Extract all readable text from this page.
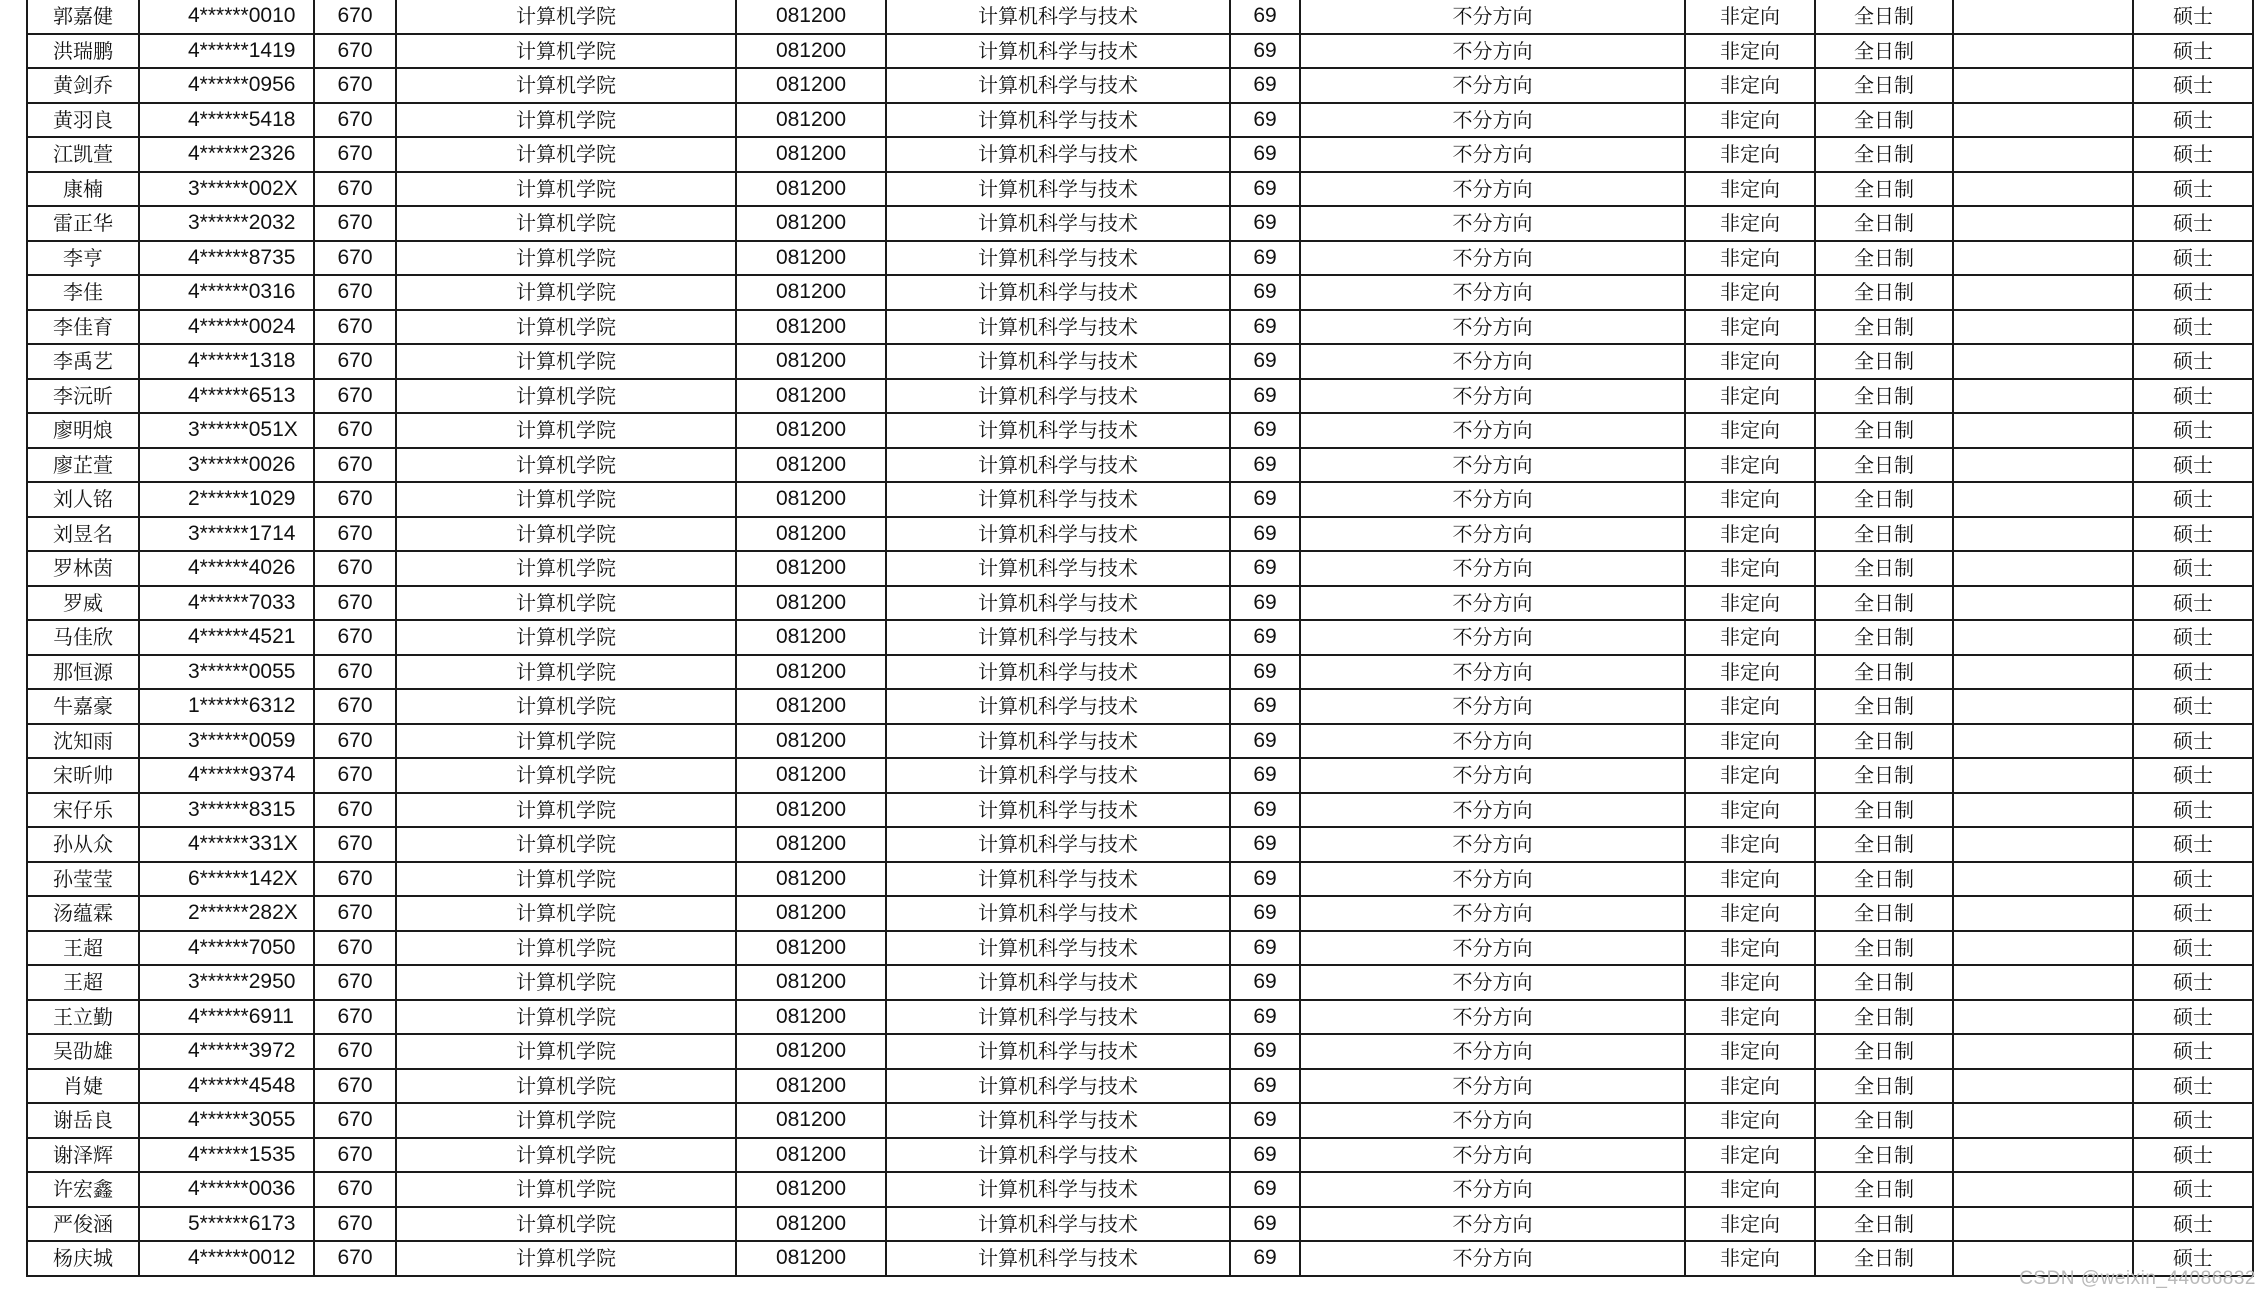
郭嘉健	4******0010	670	计算机学院	081200	计算机科学与技术	69	不分方向	非定向	全日制		硕士
洪瑞鹏	4******1419	670	计算机学院	081200	计算机科学与技术	69	不分方向	非定向	全日制		硕士
黄剑乔	4******0956	670	计算机学院	081200	计算机科学与技术	69	不分方向	非定向	全日制		硕士
黄羽良	4******5418	670	计算机学院	081200	计算机科学与技术	69	不分方向	非定向	全日制		硕士
江凯萱	4******2326	670	计算机学院	081200	计算机科学与技术	69	不分方向	非定向	全日制		硕士
康楠	3******002X	670	计算机学院	081200	计算机科学与技术	69	不分方向	非定向	全日制		硕士
雷正华	3******2032	670	计算机学院	081200	计算机科学与技术	69	不分方向	非定向	全日制		硕士
李亨	4******8735	670	计算机学院	081200	计算机科学与技术	69	不分方向	非定向	全日制		硕士
李佳	4******0316	670	计算机学院	081200	计算机科学与技术	69	不分方向	非定向	全日制		硕士
李佳育	4******0024	670	计算机学院	081200	计算机科学与技术	69	不分方向	非定向	全日制		硕士
李禹艺	4******1318	670	计算机学院	081200	计算机科学与技术	69	不分方向	非定向	全日制		硕士
李沅昕	4******6513	670	计算机学院	081200	计算机科学与技术	69	不分方向	非定向	全日制		硕士
廖明烺	3******051X	670	计算机学院	081200	计算机科学与技术	69	不分方向	非定向	全日制		硕士
廖芷萱	3******0026	670	计算机学院	081200	计算机科学与技术	69	不分方向	非定向	全日制		硕士
刘人铭	2******1029	670	计算机学院	081200	计算机科学与技术	69	不分方向	非定向	全日制		硕士
刘昱名	3******1714	670	计算机学院	081200	计算机科学与技术	69	不分方向	非定向	全日制		硕士
罗林茵	4******4026	670	计算机学院	081200	计算机科学与技术	69	不分方向	非定向	全日制		硕士
罗威	4******7033	670	计算机学院	081200	计算机科学与技术	69	不分方向	非定向	全日制		硕士
马佳欣	4******4521	670	计算机学院	081200	计算机科学与技术	69	不分方向	非定向	全日制		硕士
那恒源	3******0055	670	计算机学院	081200	计算机科学与技术	69	不分方向	非定向	全日制		硕士
牛嘉豪	1******6312	670	计算机学院	081200	计算机科学与技术	69	不分方向	非定向	全日制		硕士
沈知雨	3******0059	670	计算机学院	081200	计算机科学与技术	69	不分方向	非定向	全日制		硕士
宋昕帅	4******9374	670	计算机学院	081200	计算机科学与技术	69	不分方向	非定向	全日制		硕士
宋仔乐	3******8315	670	计算机学院	081200	计算机科学与技术	69	不分方向	非定向	全日制		硕士
孙从众	4******331X	670	计算机学院	081200	计算机科学与技术	69	不分方向	非定向	全日制		硕士
孙莹莹	6******142X	670	计算机学院	081200	计算机科学与技术	69	不分方向	非定向	全日制		硕士
汤蕴霖	2******282X	670	计算机学院	081200	计算机科学与技术	69	不分方向	非定向	全日制		硕士
王超	4******7050	670	计算机学院	081200	计算机科学与技术	69	不分方向	非定向	全日制		硕士
王超	3******2950	670	计算机学院	081200	计算机科学与技术	69	不分方向	非定向	全日制		硕士
王立勤	4******6911	670	计算机学院	081200	计算机科学与技术	69	不分方向	非定向	全日制		硕士
吴劭雄	4******3972	670	计算机学院	081200	计算机科学与技术	69	不分方向	非定向	全日制		硕士
肖婕	4******4548	670	计算机学院	081200	计算机科学与技术	69	不分方向	非定向	全日制		硕士
谢岳良	4******3055	670	计算机学院	081200	计算机科学与技术	69	不分方向	非定向	全日制		硕士
谢泽辉	4******1535	670	计算机学院	081200	计算机科学与技术	69	不分方向	非定向	全日制		硕士
许宏鑫	4******0036	670	计算机学院	081200	计算机科学与技术	69	不分方向	非定向	全日制		硕士
严俊涵	5******6173	670	计算机学院	081200	计算机科学与技术	69	不分方向	非定向	全日制		硕士
杨庆城	4******0012	670	计算机学院	081200	计算机科学与技术	69	不分方向	非定向	全日制		硕士
CSDN @weixin_44086832
